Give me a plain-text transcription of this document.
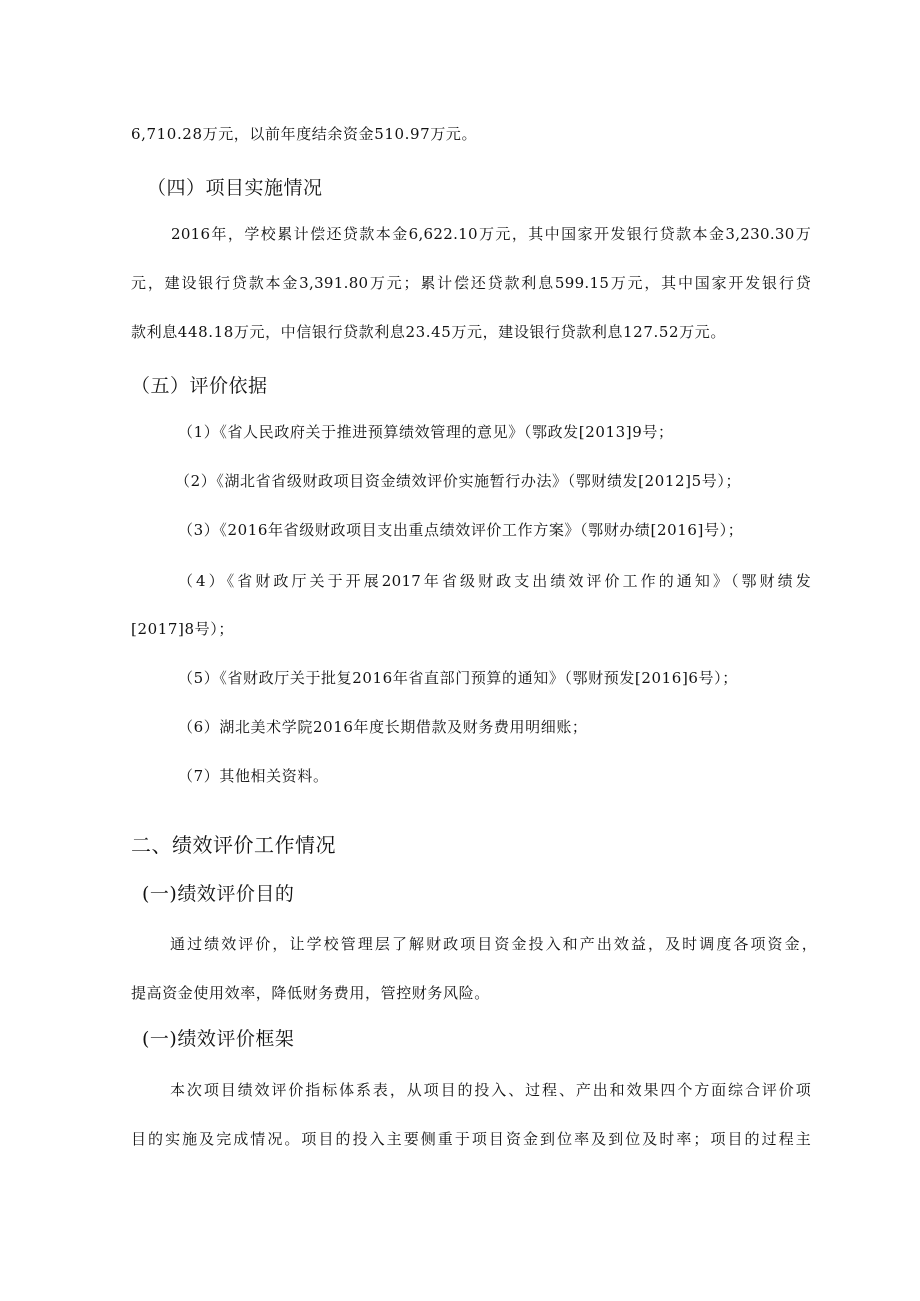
6,710.28万元，以前年度结余资金510.97万元。
（四）项目实施情况
2016年，学校累计偿还贷款本金6,622.10万元，其中国家开发银行贷款本金3,230.30万
元，建设银行贷款本金3,391.80万元；累计偿还贷款利息599.15万元，其中国家开发银行贷
款利息448.18万元，中信银行贷款利息23.45万元，建设银行贷款利息127.52万元。
（五）评价依据
（1）《省人民政府关于推进预算绩效管理的意见》（鄂政发[2013]9号；
（2）《湖北省省级财政项目资金绩效评价实施暂行办法》（鄂财绩发[2012]5号）；
（3）《2016年省级财政项目支出重点绩效评价工作方案》（鄂财办绩[2016]号）；
（4）《省财政厅关于开展2017年省级财政支出绩效评价工作的通知》（鄂财绩发
[2017]8号）；
（5）《省财政厅关于批复2016年省直部门预算的通知》（鄂财预发[2016]6号）；
（6）湖北美术学院2016年度长期借款及财务费用明细账；
（7）其他相关资料。
二、绩效评价工作情况
(一)绩效评价目的
通过绩效评价，让学校管理层了解财政项目资金投入和产出效益，及时调度各项资金，
提高资金使用效率，降低财务费用，管控财务风险。
(一)绩效评价框架
本次项目绩效评价指标体系表，从项目的投入、过程、产出和效果四个方面综合评价项
目的实施及完成情况。项目的投入主要侧重于项目资金到位率及到位及时率；项目的过程主
